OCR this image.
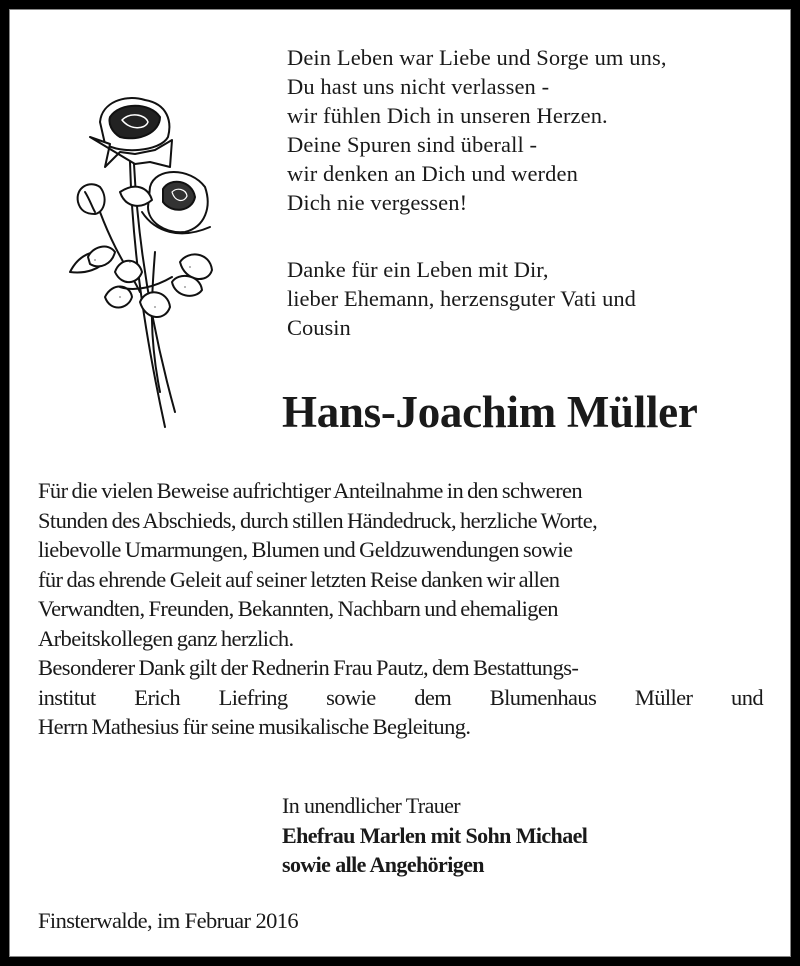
Dein Leben war Liebe und Sorge um uns,
Du hast uns nicht verlassen -
wir fühlen Dich in unseren Herzen.
Deine Spuren sind überall -
wir denken an Dich und werden
Dich nie vergessen!
Danke für ein Leben mit Dir,
lieber Ehemann, herzensguter Vati und
Cousin
Hans-Joachim Müller
Für die vielen Beweise aufrichtiger Anteilnahme in den schweren
Stunden des Abschieds, durch stillen Händedruck, herzliche Worte,
liebevolle Umarmungen, Blumen und Geldzuwendungen sowie
für das ehrende Geleit auf seiner letzten Reise danken wir allen
Verwandten, Freunden, Bekannten, Nachbarn und ehemaligen
Arbeitskollegen ganz herzlich.
Besonderer Dank gilt der Rednerin Frau Pautz, dem Bestattungs-
institut Erich Liefring sowie dem Blumenhaus Müller und
Herrn Mathesius für seine musikalische Begleitung.
In unendlicher Trauer
Ehefrau Marlen mit Sohn Michael
sowie alle Angehörigen
Finsterwalde, im Februar 2016
